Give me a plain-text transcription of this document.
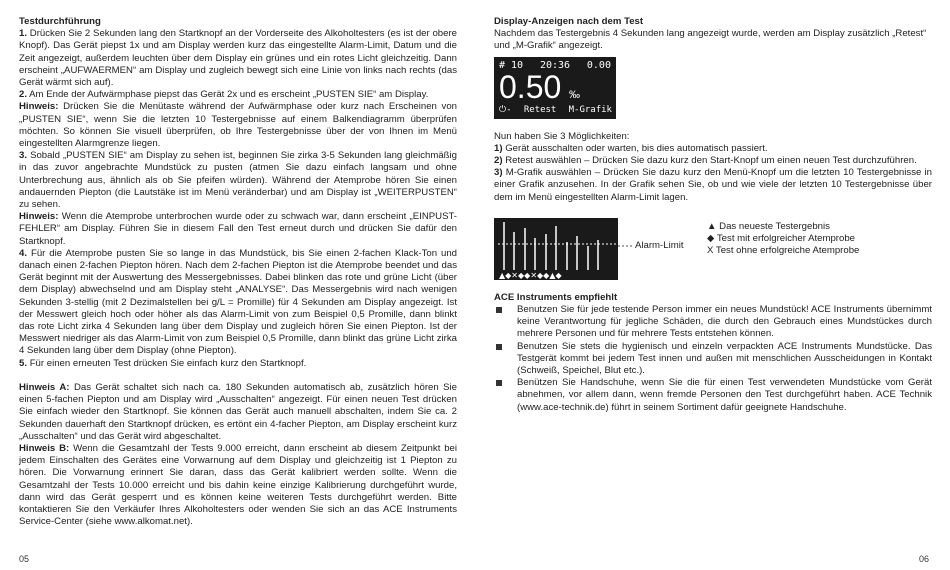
Testdurchführung

1. Drücken Sie 2 Sekunden lang den Startknopf an der Vorderseite des Alkoholtesters (es ist der obere Knopf). Das Gerät piepst 1x und am Display werden kurz das eingestellte Alarm-Limit, Datum und die Zeit angezeigt, außerdem leuchten über dem Display ein grünes und ein rotes Licht gleichzeitig. Dann erscheint „AUFWAERMEN“ am Display und zugleich bewegt sich eine Linie von links nach rechts (das Gerät wärmt sich auf).

2. Am Ende der Aufwärmphase piepst das Gerät 2x und es erscheint „PUSTEN SIE“ am Display.

Hinweis: Drücken Sie die Menütaste während der Aufwärmphase oder kurz nach Erscheinen von „PUSTEN SIE“, wenn Sie die letzten 10 Testergebnisse auf einem Balkendiagramm überprüfen möchten. So können Sie visuell überprüfen, ob Ihre Testergebnisse über der von Ihnen im Menü eingestellten Alarmgrenze liegen.

3. Sobald „PUSTEN SIE“ am Display zu sehen ist, beginnen Sie zirka 3-5 Sekunden lang gleichmäßig in das zuvor angebrachte Mundstück zu pusten (atmen Sie dazu einfach langsam und ohne Unterbrechung aus, ähnlich als ob Sie pfeifen würden). Während der Atemprobe hören Sie einen andauernden Piepton (die Lautstäke ist im Menü veränderbar) und am Display ist „WEITERPUSTEN“ zu sehen.

Hinweis: Wenn die Atemprobe unterbrochen wurde oder zu schwach war, dann erscheint „EINPUST-FEHLER“ am Display. Führen Sie in diesem Fall den Test erneut durch und drücken Sie dafür den Startknopf.

4. Für die Atemprobe pusten Sie so lange in das Mundstück, bis Sie einen 2-fachen Klack-Ton und danach einen 2-fachen Piepton hören. Nach dem 2-fachen Piepton ist die Atemprobe beendet und das Gerät beginnt mit der Auswertung des Messergebnisses. Dabei blinken das rote und grüne Licht (über dem Display) abwechselnd und am Display steht „ANALYSE“. Das Messergebnis wird nach wenigen Sekunden 3-stellig (mit 2 Dezimalstellen bei g/L = Promille) für 4 Sekunden am Display angezeigt. Ist der Messwert gleich hoch oder höher als das Alarm-Limit von zum Beispiel 0,5 Promille, dann blinkt das rote Licht zirka 4 Sekunden lang über dem Display und zugleich hören Sie einen Piepton. Ist der Messwert niedriger als das Alarm-Limit von zum Beispiel 0,5 Promille, dann blinkt das grüne Licht zirka 4 Sekunden lang über dem Display (ohne Piepton).

5. Für einen erneuten Test drücken Sie einfach kurz den Startknopf.

Hinweis A: Das Gerät schaltet sich nach ca. 180 Sekunden automatisch ab, zusätzlich hören Sie einen 5-fachen Piepton und am Display wird „Ausschalten“ angezeigt. Für einen neuen Test drücken Sie einfach wieder den Startknopf. Sie können das Gerät auch manuell abschalten, indem Sie ca. 2 Sekunden dauerhaft den Startknopf drücken, es ertönt ein 4-facher Piepton, am Display erscheint kurz „Ausschalten“ und das Gerät wird abgeschaltet.

Hinweis B: Wenn die Gesamtzahl der Tests 9.000 erreicht, dann erscheint ab diesem Zeitpunkt bei jedem Einschalten des Gerätes eine Vorwarnung auf dem Display und gleichzeitig ist 1 Piepton zu hören. Die Vorwarnung erinnert Sie daran, dass das Gerät kalibriert werden sollte. Wenn die Gesamtzahl der Tests 10.000 erreicht und bis dahin keine einzige Kalibrierung durchgeführt wurde, dann wird das Gerät gesperrt und es können keine weiteren Tests durchgeführt werden. Bitte kontaktieren Sie den Verkäufer Ihres Alkoholtesters oder wenden Sie sich an das ACE Instruments Service-Center (siehe www.alkomat.net).

05

Display-Anzeigen nach dem Test

Nachdem das Testergebnis 4 Sekunden lang angezeigt wurde, werden am Display zusätzlich „Retest“ und „M-Grafik“ angezeigt.

# 10 20:36 0.00
0.50 ‰
⏻- Retest M-Grafik

Nun haben Sie 3 Möglichkeiten:

1) Gerät ausschalten oder warten, bis dies automatisch passiert.

2) Retest auswählen – Drücken Sie dazu kurz den Start-Knopf um einen neuen Test durchzuführen.

3) M-Grafik auswählen – Drücken Sie dazu kurz den Menü-Knopf um die letzten 10 Testergebnisse in einer Grafik anzusehen. In der Grafik sehen Sie, ob und wie viele der letzten 10 Testergebnisse über dem im Menü eingestellten Alarm-Limit lagen.

▲◆✕◆◆✕◆◆▲◆
Alarm-Limit
▲ Das neueste Testergebnis
◆ Test mit erfolgreicher Atemprobe
X Test ohne erfolgreiche Atemprobe

ACE Instruments empfiehlt

Benutzen Sie für jede testende Person immer ein neues Mundstück! ACE Instruments übernimmt keine Verantwortung für jegliche Schäden, die durch den Gebrauch eines Mundstückes durch mehrere Personen und für mehrere Tests entstehen können.
Benutzen Sie stets die hygienisch und einzeln verpackten ACE Instruments Mundstücke. Das Testgerät kommt bei jedem Test innen und außen mit menschlichen Ausscheidungen in Kontakt (Schweiß, Speichel, Blut etc.).
Benützen Sie Handschuhe, wenn Sie die für einen Test verwendeten Mundstücke vom Gerät abnehmen, vor allem dann, wenn fremde Personen den Test durchgeführt haben. ACE Technik (www.ace-technik.de) führt in seinem Sortiment dafür geeignete Handschuhe.
06
